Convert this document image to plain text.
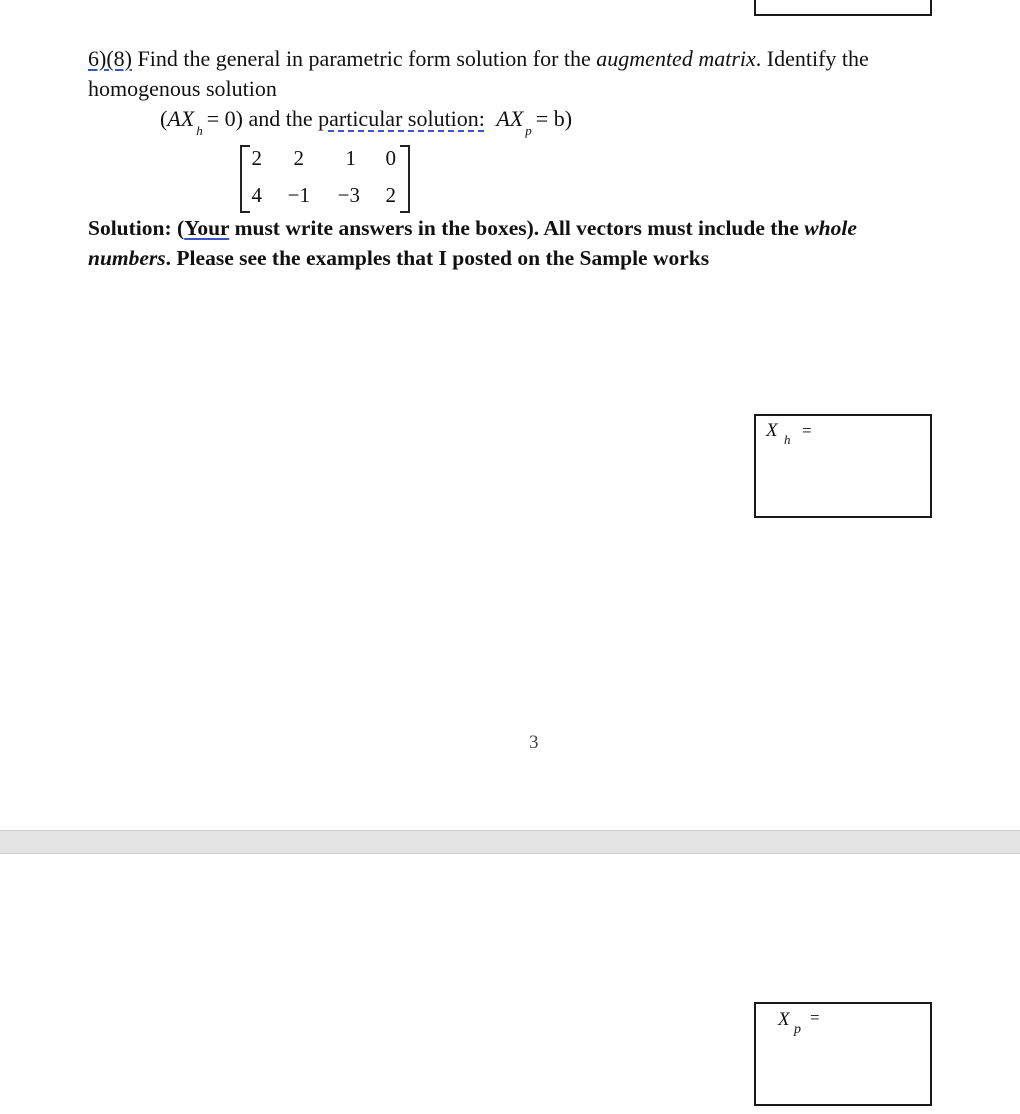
6)(8) Find the general in parametric form solution for the augmented matrix. Identify the
homogenous solution
(AX $_h$ = 0) and the particular solution: AX $_p$ = b)
2	2	1	0
4	−1	−3	2
Solution: (Your must write answers in the boxes). All vectors must include the whole
numbers. Please see the examples that I posted on the Sample works
X h =
3
X p
=
